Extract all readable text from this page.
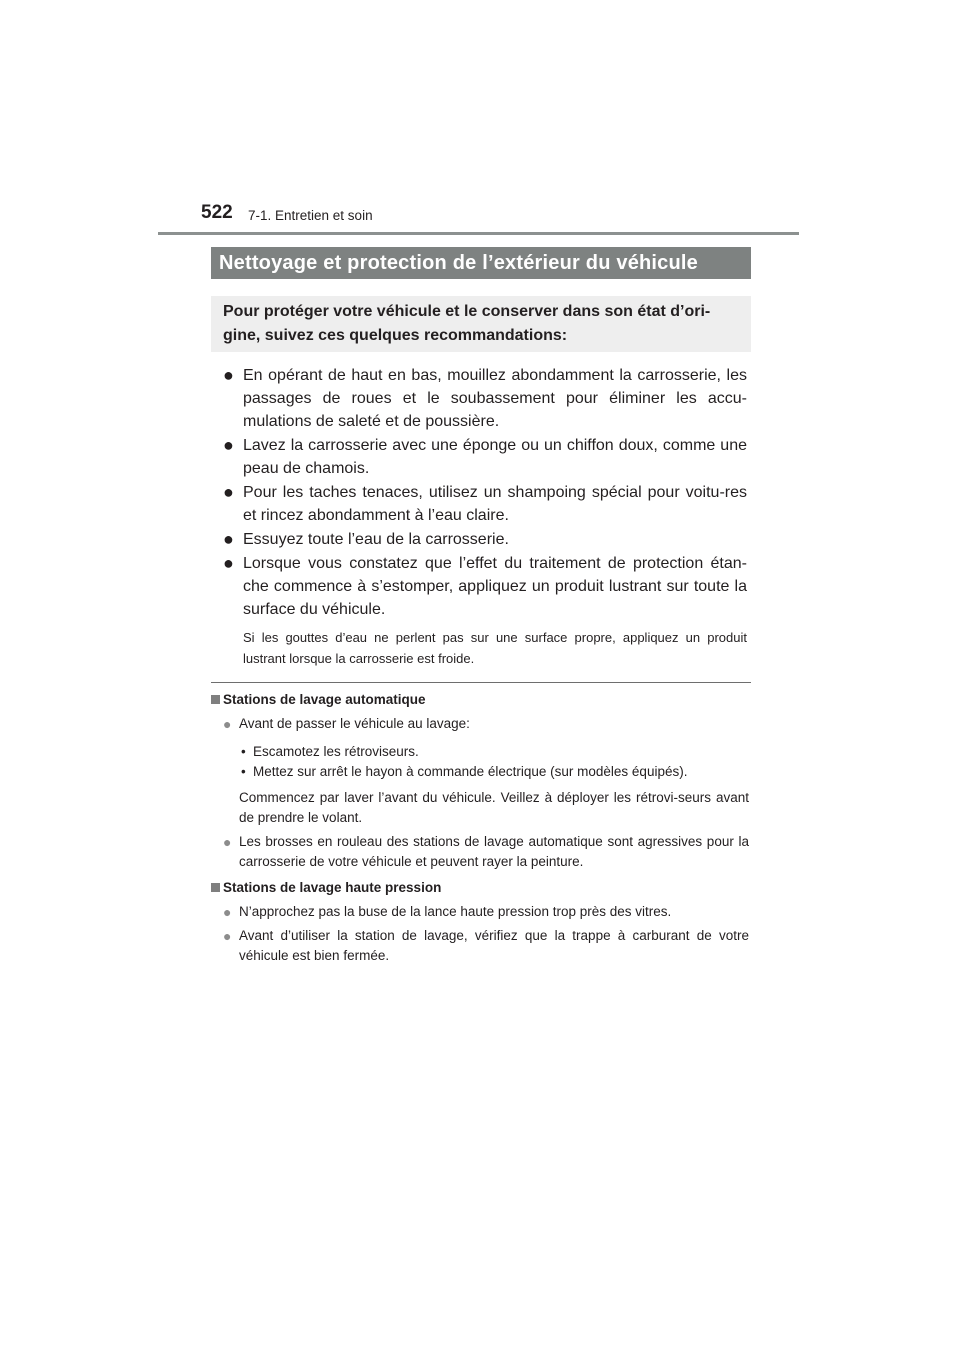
522 7-1. Entretien et soin
Nettoyage et protection de l’extérieur du véhicule
Pour protéger votre véhicule et le conserver dans son état d’ori-gine, suivez ces quelques recommandations:
● En opérant de haut en bas, mouillez abondamment la carrosserie, les passages de roues et le soubassement pour éliminer les accu-mulations de saleté et de poussière.
● Lavez la carrosserie avec une éponge ou un chiffon doux, comme une peau de chamois.
● Pour les taches tenaces, utilisez un shampoing spécial pour voitu-res et rincez abondamment à l’eau claire.
● Essuyez toute l’eau de la carrosserie.
● Lorsque vous constatez que l’effet du traitement de protection étan-che commence à s’estomper, appliquez un produit lustrant sur toute la surface du véhicule.
Si les gouttes d’eau ne perlent pas sur une surface propre, appliquez un produit lustrant lorsque la carrosserie est froide.
Stations de lavage automatique
● Avant de passer le véhicule au lavage:
• Escamotez les rétroviseurs.
• Mettez sur arrêt le hayon à commande électrique (sur modèles équipés).
Commencez par laver l’avant du véhicule. Veillez à déployer les rétrovi-seurs avant de prendre le volant.
● Les brosses en rouleau des stations de lavage automatique sont agressives pour la carrosserie de votre véhicule et peuvent rayer la peinture.
Stations de lavage haute pression
● N’approchez pas la buse de la lance haute pression trop près des vitres.
● Avant d’utiliser la station de lavage, vérifiez que la trappe à carburant de votre véhicule est bien fermée.
